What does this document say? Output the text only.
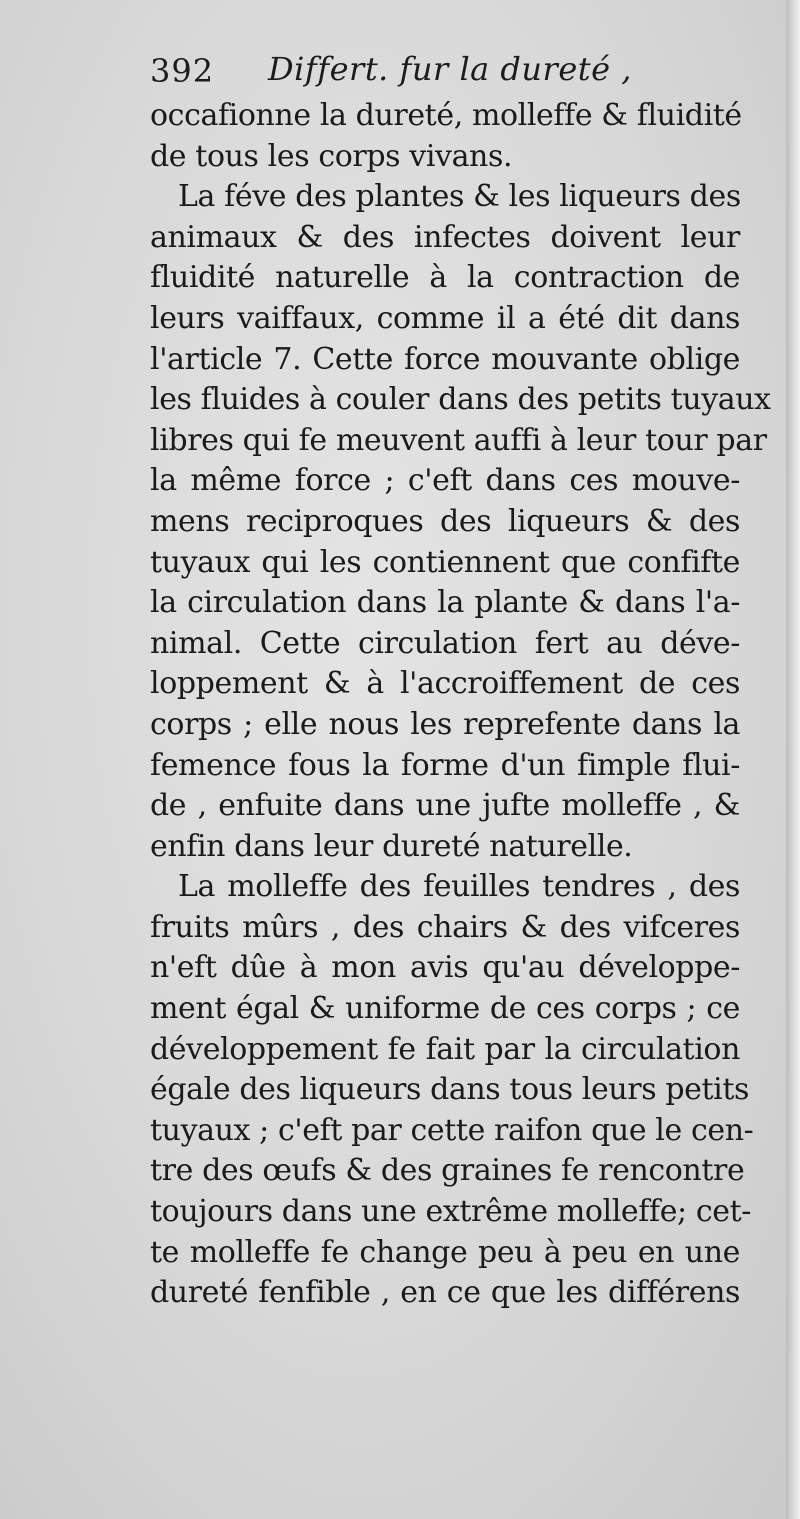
392 Differt. fur la dureté ,
occafionne la dureté, molleffe & fluidité
de tous les corps vivans.
La féve des plantes & les liqueurs des
animaux & des infectes doivent leur
fluidité naturelle à la contraction de
leurs vaiffaux, comme il a été dit dans
l'article 7. Cette force mouvante oblige
les fluides à couler dans des petits tuyaux
libres qui fe meuvent auffi à leur tour par
la même force ; c'eft dans ces mouve-
mens reciproques des liqueurs & des
tuyaux qui les contiennent que confifte
la circulation dans la plante & dans l'a-
nimal. Cette circulation fert au déve-
loppement & à l'accroiffement de ces
corps ; elle nous les reprefente dans la
femence fous la forme d'un fimple flui-
de , enfuite dans une jufte molleffe , &
enfin dans leur dureté naturelle.
La molleffe des feuilles tendres , des
fruits mûrs , des chairs & des vifceres
n'eft dûe à mon avis qu'au développe-
ment égal & uniforme de ces corps ; ce
développement fe fait par la circulation
égale des liqueurs dans tous leurs petits
tuyaux ; c'eft par cette raifon que le cen-
tre des œufs & des graines fe rencontre
toujours dans une extrême molleffe; cet-
te molleffe fe change peu à peu en une
dureté fenfible , en ce que les différens
